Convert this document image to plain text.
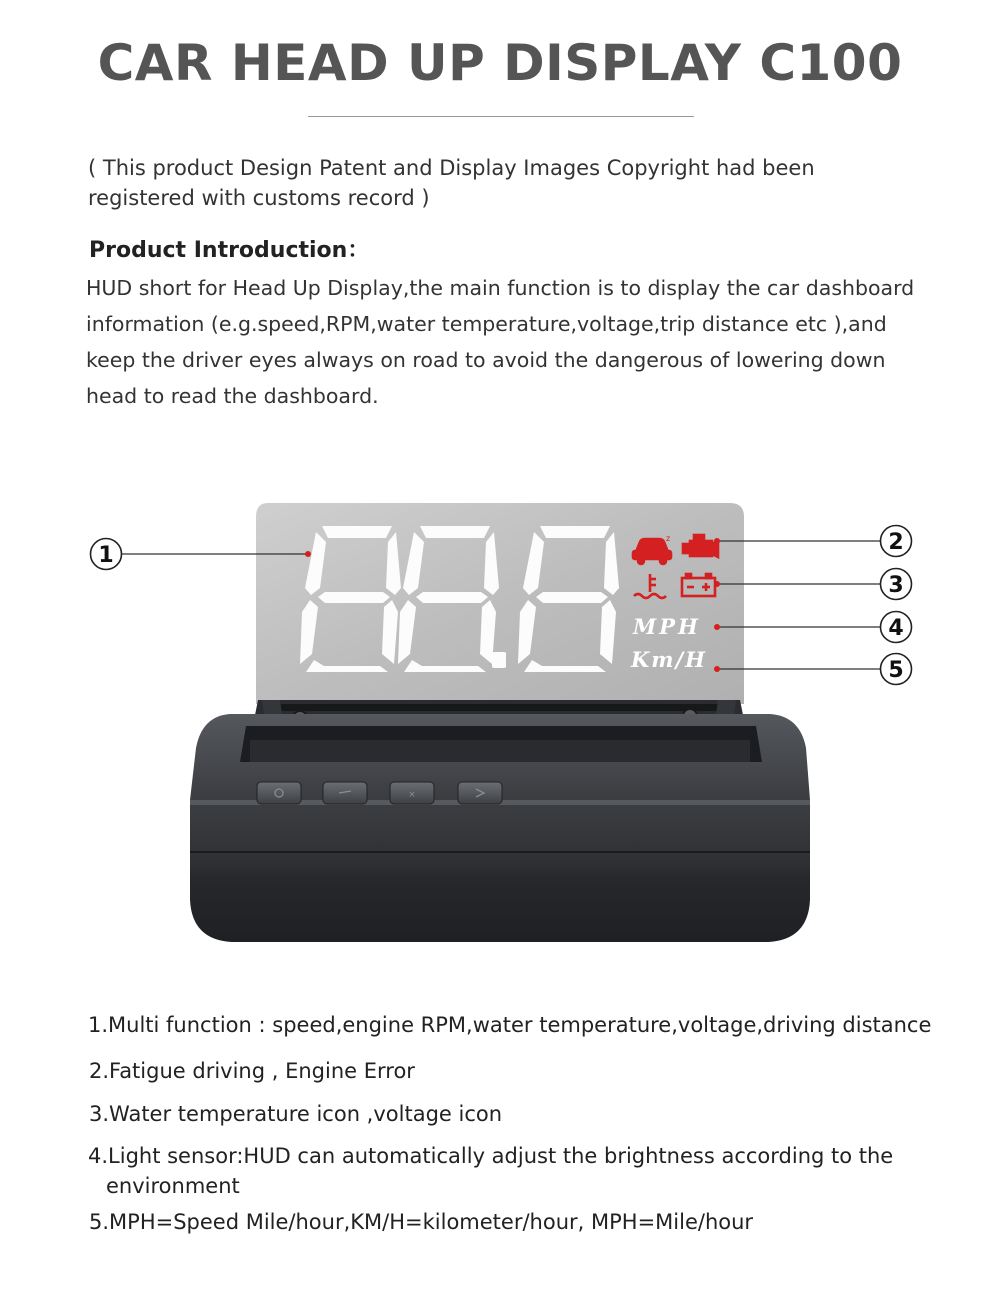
CAR HEAD UP DISPLAY C100
( This product Design Patent and Display Images Copyright had been registered with customs record )
Product Introduction：
HUD short for Head Up Display,the main function is to display the car dashboard information (e.g.speed,RPM,water temperature,voltage,trip distance etc ),and keep the driver eyes always on road to avoid the dangerous of lowering down head to read the dashboard.
z
MPH
Km/H
1
2
3
4
5
×
1.Multi function : speed,engine RPM,water temperature,voltage,driving distance
2.Fatigue driving , Engine Error
3.Water temperature icon ,voltage icon
4.Light sensor:HUD can automatically adjust the brightness according to the environment
5.MPH=Speed Mile/hour,KM/H=kilometer/hour, MPH=Mile/hour
